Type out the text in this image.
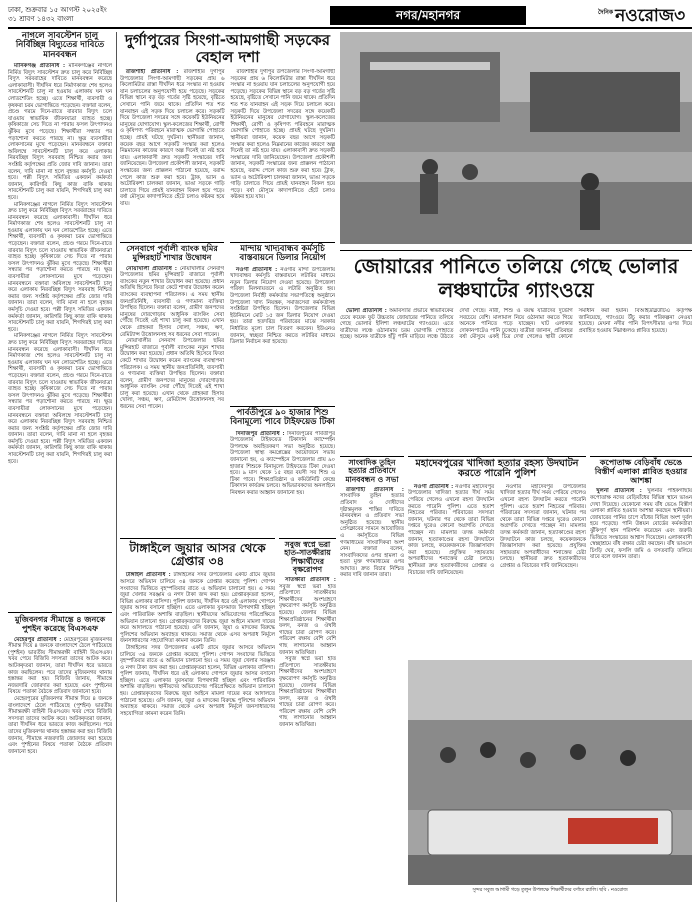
ঢাকা, শুক্রবার ১৫ আগস্ট ২০২৫ইং
৩১ শ্রাবণ ১৪৩২ বাংলা	নগর/মহানগর	$^{দৈনিক}$ নওরোজ৩
নাগলে সাবস্টেশন চালু নির্বিচ্ছিন্ন বিদ্যুতের দাবিতে মানববন্ধন

মানিকগঞ্জ প্রতিনিধি : মানিকগঞ্জের নাগলে নির্মিত বিদ্যুৎ সাবস্টেশন দ্রুত চালু করে নির্বিচ্ছিন্ন বিদ্যুৎ সরবরাহের দাবিতে মানববন্ধন করেছে এলাকাবাসী। দীর্ঘদিন ধরে নির্মাণকাজ শেষ হলেও সাবস্টেশনটি চালু না হওয়ায় এলাকায় ঘন ঘন লোডশেডিং হচ্ছে। এতে শিক্ষার্থী, ব্যবসায়ী ও কৃষকরা চরম ভোগান্তিতে পড়েছেন। বক্তারা বলেন, প্রচণ্ড গরমে দিনে-রাতে বারবার বিদ্যুৎ চলে যাওয়ায় স্বাভাবিক জীবনযাত্রা ব্যাহত হচ্ছে। কৃষিকাজে সেচ দিতে না পারায় ফসল উৎপাদনও ঝুঁকির মুখে পড়েছে। শিক্ষার্থীরা সন্ধ্যার পর পড়াশোনা করতে পারছে না। ক্ষুদ্র ব্যবসায়ীরা লোকসানের মুখে পড়েছেন। মানববন্ধনে বক্তারা অবিলম্বে সাবস্টেশনটি চালু করে এলাকায় নিরবচ্ছিন্ন বিদ্যুৎ সরবরাহ নিশ্চিত করার জন্য সংশ্লিষ্ট কর্তৃপক্ষের প্রতি জোর দাবি জানান। তারা বলেন, দাবি মানা না হলে বৃহত্তর কর্মসূচি দেওয়া হবে। পল্লী বিদ্যুৎ সমিতির একজন কর্মকর্তা জানান, কারিগরি কিছু কাজ বাকি থাকায় সাবস্টেশনটি চালু করা যায়নি, শিগগিরই চালু করা হবে।

মানিকগঞ্জের নাগলে নির্মিত বিদ্যুৎ সাবস্টেশন দ্রুত চালু করে নির্বিচ্ছিন্ন বিদ্যুৎ সরবরাহের দাবিতে মানববন্ধন করেছে এলাকাবাসী। দীর্ঘদিন ধরে নির্মাণকাজ শেষ হলেও সাবস্টেশনটি চালু না হওয়ায় এলাকায় ঘন ঘন লোডশেডিং হচ্ছে। এতে শিক্ষার্থী, ব্যবসায়ী ও কৃষকরা চরম ভোগান্তিতে পড়েছেন। বক্তারা বলেন, প্রচণ্ড গরমে দিনে-রাতে বারবার বিদ্যুৎ চলে যাওয়ায় স্বাভাবিক জীবনযাত্রা ব্যাহত হচ্ছে। কৃষিকাজে সেচ দিতে না পারায় ফসল উৎপাদনও ঝুঁকির মুখে পড়েছে। শিক্ষার্থীরা সন্ধ্যার পর পড়াশোনা করতে পারছে না। ক্ষুদ্র ব্যবসায়ীরা লোকসানের মুখে পড়েছেন। মানববন্ধনে বক্তারা অবিলম্বে সাবস্টেশনটি চালু করে এলাকায় নিরবচ্ছিন্ন বিদ্যুৎ সরবরাহ নিশ্চিত করার জন্য সংশ্লিষ্ট কর্তৃপক্ষের প্রতি জোর দাবি জানান। তারা বলেন, দাবি মানা না হলে বৃহত্তর কর্মসূচি দেওয়া হবে। পল্লী বিদ্যুৎ সমিতির একজন কর্মকর্তা জানান, কারিগরি কিছু কাজ বাকি থাকায় সাবস্টেশনটি চালু করা যায়নি, শিগগিরই চালু করা হবে।

মানিকগঞ্জের নাগলে নির্মিত বিদ্যুৎ সাবস্টেশন দ্রুত চালু করে নির্বিচ্ছিন্ন বিদ্যুৎ সরবরাহের দাবিতে মানববন্ধন করেছে এলাকাবাসী। দীর্ঘদিন ধরে নির্মাণকাজ শেষ হলেও সাবস্টেশনটি চালু না হওয়ায় এলাকায় ঘন ঘন লোডশেডিং হচ্ছে। এতে শিক্ষার্থী, ব্যবসায়ী ও কৃষকরা চরম ভোগান্তিতে পড়েছেন। বক্তারা বলেন, প্রচণ্ড গরমে দিনে-রাতে বারবার বিদ্যুৎ চলে যাওয়ায় স্বাভাবিক জীবনযাত্রা ব্যাহত হচ্ছে। কৃষিকাজে সেচ দিতে না পারায় ফসল উৎপাদনও ঝুঁকির মুখে পড়েছে। শিক্ষার্থীরা সন্ধ্যার পর পড়াশোনা করতে পারছে না। ক্ষুদ্র ব্যবসায়ীরা লোকসানের মুখে পড়েছেন। মানববন্ধনে বক্তারা অবিলম্বে সাবস্টেশনটি চালু করে এলাকায় নিরবচ্ছিন্ন বিদ্যুৎ সরবরাহ নিশ্চিত করার জন্য সংশ্লিষ্ট কর্তৃপক্ষের প্রতি জোর দাবি জানান। তারা বলেন, দাবি মানা না হলে বৃহত্তর কর্মসূচি দেওয়া হবে। পল্লী বিদ্যুৎ সমিতির একজন কর্মকর্তা জানান, কারিগরি কিছু কাজ বাকি থাকায় সাবস্টেশনটি চালু করা যায়নি, শিগগিরই চালু করা হবে।

মুজিবনগর সীমান্তে ৪ জনকে পুশইন করেছে বিএসএফ

মেহেরপুর প্রতিনিধি : মেহেরপুরের মুজিবনগর সীমান্ত দিয়ে ৪ জনকে বাংলাদেশে ঠেলে পাঠিয়েছে (পুশইন) ভারতীয় সীমান্তরক্ষী বাহিনী বিএসএফ। খবর পেয়ে বিজিবি সদস্যরা তাদের আটক করে। আটককৃতরা জানান, তারা দীর্ঘদিন ধরে ভারতে কাজ করছিলেন। পরে তাদের মুজিবনগর থানায় হস্তান্তর করা হয়। বিজিবি জানায়, সীমান্তে নজরদারি জোরদার করা হয়েছে এবং পুশইনের বিষয়ে পতাকা বৈঠকে প্রতিবাদ জানানো হবে।

মেহেরপুরের মুজিবনগর সীমান্ত দিয়ে ৪ জনকে বাংলাদেশে ঠেলে পাঠিয়েছে (পুশইন) ভারতীয় সীমান্তরক্ষী বাহিনী বিএসএফ। খবর পেয়ে বিজিবি সদস্যরা তাদের আটক করে। আটককৃতরা জানান, তারা দীর্ঘদিন ধরে ভারতে কাজ করছিলেন। পরে তাদের মুজিবনগর থানায় হস্তান্তর করা হয়। বিজিবি জানায়, সীমান্তে নজরদারি জোরদার করা হয়েছে এবং পুশইনের বিষয়ে পতাকা বৈঠকে প্রতিবাদ জানানো হবে।

দুর্গাপুরের সিংগা-আমগাছী সড়কের বেহাল দশা

রাজশাহী প্রতিনিধি : রাজশাহীর দুর্গাপুর উপজেলার সিংগা-আমগাছী সড়কের প্রায় ৬ কিলোমিটার রাস্তা দীর্ঘদিন ধরে সংস্কার না হওয়ায় যান চলাচলের অনুপযোগী হয়ে পড়েছে। সড়কের বিভিন্ন স্থানে বড় বড় গর্তের সৃষ্টি হয়েছে, বৃষ্টিতে সেখানে পানি জমে থাকে। প্রতিদিন শত শত যানবাহন এই সড়ক দিয়ে চলাচল করে। সড়কটি দিয়ে উপজেলা সদরের সঙ্গে কয়েকটি ইউনিয়নের মানুষের যোগাযোগ। স্কুল-কলেজের শিক্ষার্থী, রোগী ও কৃষিপণ্য পরিবহনে মারাত্মক ভোগান্তি পোহাতে হচ্ছে। প্রায়ই ঘটছে দুর্ঘটনা। স্থানীয়রা জানান, কয়েক বছর আগে সড়কটি সংস্কার করা হলেও নিম্নমানের কাজের কারণে অল্প দিনেই তা নষ্ট হয়ে যায়। এলাকাবাসী দ্রুত সড়কটি সংস্কারের দাবি জানিয়েছেন। উপজেলা প্রকৌশলী জানান, সড়কটি সংস্কারের জন্য প্রাক্কলন পাঠানো হয়েছে, বরাদ্দ পেলে কাজ শুরু করা হবে। ট্রাক, ভ্যান ও অটোরিকশা চালকরা জানান, ভাঙা সড়কে গাড়ি চালাতে গিয়ে প্রায়ই যানবাহন বিকল হয়ে পড়ে। বর্ষা মৌসুমে কাদাপানিতে হেঁটে চলাও কষ্টকর হয়ে যায়।

রাজশাহীর দুর্গাপুর উপজেলার সিংগা-আমগাছী সড়কের প্রায় ৬ কিলোমিটার রাস্তা দীর্ঘদিন ধরে সংস্কার না হওয়ায় যান চলাচলের অনুপযোগী হয়ে পড়েছে। সড়কের বিভিন্ন স্থানে বড় বড় গর্তের সৃষ্টি হয়েছে, বৃষ্টিতে সেখানে পানি জমে থাকে। প্রতিদিন শত শত যানবাহন এই সড়ক দিয়ে চলাচল করে। সড়কটি দিয়ে উপজেলা সদরের সঙ্গে কয়েকটি ইউনিয়নের মানুষের যোগাযোগ। স্কুল-কলেজের শিক্ষার্থী, রোগী ও কৃষিপণ্য পরিবহনে মারাত্মক ভোগান্তি পোহাতে হচ্ছে। প্রায়ই ঘটছে দুর্ঘটনা। স্থানীয়রা জানান, কয়েক বছর আগে সড়কটি সংস্কার করা হলেও নিম্নমানের কাজের কারণে অল্প দিনেই তা নষ্ট হয়ে যায়। এলাকাবাসী দ্রুত সড়কটি সংস্কারের দাবি জানিয়েছেন। উপজেলা প্রকৌশলী জানান, সড়কটি সংস্কারের জন্য প্রাক্কলন পাঠানো হয়েছে, বরাদ্দ পেলে কাজ শুরু করা হবে। ট্রাক, ভ্যান ও অটোরিকশা চালকরা জানান, ভাঙা সড়কে গাড়ি চালাতে গিয়ে প্রায়ই যানবাহন বিকল হয়ে পড়ে। বর্ষা মৌসুমে কাদাপানিতে হেঁটে চলাও কষ্টকর হয়ে যায়।

সেনবাগে পূর্বালী ব্যাংক ছমির মুন্সিরহাট শাখার উদ্বোধন

নোয়াখালী প্রতিনিধি : নোয়াখালীর সেনবাগ উপজেলার ছমির মুন্সিরহাট বাজারে পূর্বালী ব্যাংকের নতুন শাখার উদ্বোধন করা হয়েছে। প্রধান অতিথি হিসেবে ফিতা কেটে শাখার উদ্বোধন করেন ব্যাংকের ব্যবস্থাপনা পরিচালক। এ সময় স্থানীয় জনপ্রতিনিধি, ব্যবসায়ী ও গণ্যমান্য ব্যক্তিরা উপস্থিত ছিলেন। বক্তারা বলেন, গ্রামীণ জনপদের মানুষের দোরগোড়ায় আধুনিক ব্যাংকিং সেবা পৌঁছে দিতেই এই শাখা চালু করা হয়েছে। এখান থেকে গ্রাহকরা হিসাব খোলা, সঞ্চয়, ঋণ, রেমিট্যান্স উত্তোলনসহ সব ধরনের সেবা পাবেন।

নোয়াখালীর সেনবাগ উপজেলার ছমির মুন্সিরহাট বাজারে পূর্বালী ব্যাংকের নতুন শাখার উদ্বোধন করা হয়েছে। প্রধান অতিথি হিসেবে ফিতা কেটে শাখার উদ্বোধন করেন ব্যাংকের ব্যবস্থাপনা পরিচালক। এ সময় স্থানীয় জনপ্রতিনিধি, ব্যবসায়ী ও গণ্যমান্য ব্যক্তিরা উপস্থিত ছিলেন। বক্তারা বলেন, গ্রামীণ জনপদের মানুষের দোরগোড়ায় আধুনিক ব্যাংকিং সেবা পৌঁছে দিতেই এই শাখা চালু করা হয়েছে। এখান থেকে গ্রাহকরা হিসাব খোলা, সঞ্চয়, ঋণ, রেমিট্যান্স উত্তোলনসহ সব ধরনের সেবা পাবেন।

মান্দায় খাদ্যবান্ধব কর্মসূচি বাস্তবায়নে ডিলার নিয়োগ

নওগাঁ প্রতিনিধি : নওগাঁর মান্দা উপজেলায় খাদ্যবান্ধব কর্মসূচি বাস্তবায়নে লটারির মাধ্যমে নতুন ডিলার নিয়োগ দেওয়া হয়েছে। উপজেলা পরিষদ মিলনায়তনে এ লটারি অনুষ্ঠিত হয়। উপজেলা নির্বাহী কর্মকর্তার সভাপতিত্বে অনুষ্ঠানে উপজেলা খাদ্য নিয়ন্ত্রক, সমাজসেবা কর্মকর্তাসহ সংশ্লিষ্টরা উপস্থিত ছিলেন। উপজেলার বিভিন্ন ইউনিয়নে মোট ১৫ জন ডিলার নিয়োগ দেওয়া হয়। তারা হতদরিদ্র পরিবারের মাঝে সরকার নির্ধারিত মূল্যে চাল বিতরণ করবেন। ইউএনও জানান, স্বচ্ছতা নিশ্চিত করতে লটারির মাধ্যমে ডিলার নির্বাচন করা হয়েছে।

পার্বতীপুরে ৯০ হাজার শিশু বিনামূল্যে পাবে টাইফয়েড টিকা

দিনাজপুর প্রতিনিধি : দিনাজপুরের পার্বতীপুর উপজেলায় টাইফয়েড টিকাদান ক্যাম্পেইন উপলক্ষে অবহিতকরণ সভা অনুষ্ঠিত হয়েছে। উপজেলা স্বাস্থ্য কমপ্লেক্সের আয়োজনে সভায় জানানো হয়, এ ক্যাম্পেইনে উপজেলার প্রায় ৯০ হাজার শিশুকে বিনামূল্যে টাইফয়েড টিকা দেওয়া হবে। ৯ মাস থেকে ১৫ বছর বয়সী সব শিশু এ টিকা পাবে। শিক্ষাপ্রতিষ্ঠান ও কমিউনিটি কেন্দ্রে টিকাদান কার্যক্রম চলবে। অভিভাবকদের অনলাইনে নিবন্ধন করার আহ্বান জানানো হয়।

জোয়ারের পানিতে তলিয়ে গেছে ভোলার লঞ্চঘাটের গ্যাংওয়ে

ভোলা প্রতিনিধি : অমাবস্যার প্রভাবে স্বাভাবিকের চেয়ে কয়েক ফুট উচ্চতায় জোয়ারের পানিতে তলিয়ে গেছে ভোলার ইলিশা লঞ্চঘাটের গ্যাংওয়ে। এতে যাত্রীদের লঞ্চে ওঠানামায় চরম ভোগান্তি পোহাতে হচ্ছে। অনেক যাত্রীকে হাঁটু পানি মাড়িয়ে লঞ্চে উঠতে দেখা গেছে। নারী, শিশু ও বয়স্ক যাত্রীদের দুর্ভোগ সবচেয়ে বেশি। মালামাল নিয়ে ওঠানামা করতে গিয়ে অনেকে পানিতে পড়ে যাচ্ছেন। ঘাট এলাকার দোকানপাটেও পানি ঢুকেছে। যাত্রীরা জানান, প্রতিবছর বর্ষা মৌসুমে একই চিত্র দেখা গেলেও স্থায়ী কোনো সমাধান করা হয়নি। বিআইডব্লিউটিএ কর্তৃপক্ষ জানিয়েছে, গ্যাংওয়ে উঁচু করার পরিকল্পনা নেওয়া হয়েছে। মেঘনা নদীর পানি বিপৎসীমার ওপর দিয়ে প্রবাহিত হওয়ায় নিম্নাঞ্চলও প্লাবিত হয়েছে।

সাংবাদিক তুহিন হত্যার প্রতিবাদে মানববন্ধন ও সভা

রাজশাহী প্রতিনিধি : সাংবাদিক তুহিন হত্যার প্রতিবাদ ও দোষীদের দৃষ্টান্তমূলক শাস্তির দাবিতে মানববন্ধন ও প্রতিবাদ সভা অনুষ্ঠিত হয়েছে। স্থানীয় প্রেসক্লাবের সামনে আয়োজিত এ কর্মসূচিতে বিভিন্ন গণমাধ্যমের সাংবাদিকরা অংশ নেন। বক্তারা বলেন, সাংবাদিকদের ওপর হামলা ও হত্যা মুক্ত গণমাধ্যমের ওপর আঘাত। দ্রুত বিচার নিশ্চিত করার দাবি জানান তারা।

মহাদেবপুরের খাদিজা হত্যার রহস্য উদঘাটন করতে পারেনি পুলিশ

নওগাঁ প্রতিনিধি : নওগাঁর মহাদেবপুর উপজেলার খাদিজা হত্যার দীর্ঘ সময় পেরিয়ে গেলেও এখনো রহস্য উদঘাটন করতে পারেনি পুলিশ। এতে হতাশ নিহতের পরিবার। পরিবারের সদস্যরা জানান, ঘটনার পর থেকে তারা বিভিন্ন দপ্তরে ঘুরেও কোনো অগ্রগতি দেখতে পাচ্ছেন না। মামলার তদন্ত কর্মকর্তা জানান, হত্যাকাণ্ডের রহস্য উদঘাটনে কাজ চলছে, কয়েকজনকে জিজ্ঞাসাবাদ করা হয়েছে। প্রযুক্তির সহায়তায় অপরাধীদের শনাক্তের চেষ্টা চলছে। স্থানীয়রা দ্রুত হত্যাকারীদের গ্রেপ্তার ও বিচারের দাবি জানিয়েছেন।

নওগাঁর মহাদেবপুর উপজেলার খাদিজা হত্যার দীর্ঘ সময় পেরিয়ে গেলেও এখনো রহস্য উদঘাটন করতে পারেনি পুলিশ। এতে হতাশ নিহতের পরিবার। পরিবারের সদস্যরা জানান, ঘটনার পর থেকে তারা বিভিন্ন দপ্তরে ঘুরেও কোনো অগ্রগতি দেখতে পাচ্ছেন না। মামলার তদন্ত কর্মকর্তা জানান, হত্যাকাণ্ডের রহস্য উদঘাটনে কাজ চলছে, কয়েকজনকে জিজ্ঞাসাবাদ করা হয়েছে। প্রযুক্তির সহায়তায় অপরাধীদের শনাক্তের চেষ্টা চলছে। স্থানীয়রা দ্রুত হত্যাকারীদের গ্রেপ্তার ও বিচারের দাবি জানিয়েছেন।

কপোতাক্ষ বেড়িবাঁধ ভেঙে বিস্তীর্ণ এলাকা প্লাবিত হওয়ার আশঙ্কা

খুলনা প্রতিনিধি : খুলনার পাইকগাছায় কপোতাক্ষ নদের বেড়িবাঁধের বিভিন্ন স্থানে ভাঙন দেখা দিয়েছে। যেকোনো সময় বাঁধ ভেঙে বিস্তীর্ণ এলাকা প্লাবিত হওয়ার আশঙ্কা করছেন স্থানীয়রা। জোয়ারের পানির চাপে বাঁধের বিভিন্ন অংশ দুর্বল হয়ে পড়েছে। পানি উন্নয়ন বোর্ডের কর্মকর্তারা ঝুঁকিপূর্ণ স্থান পরিদর্শন করেছেন এবং জরুরি ভিত্তিতে সংস্কারের আশ্বাস দিয়েছেন। এলাকাবাসী স্বেচ্ছাশ্রমে বাঁধ রক্ষার চেষ্টা করছেন। বাঁধ ভাঙলে চিংড়ি ঘের, ফসলি জমি ও বসতবাড়ি তলিয়ে যাবে বলে জানান তারা।

টাঙ্গাইলে জুয়ার আসর থেকে গ্রেপ্তার ৩৪

টাঙ্গাইল প্রতিনিধি : টাঙ্গাইলের সদর উপজেলার একটি গ্রামে জুয়ার আসরে অভিযান চালিয়ে ৩৪ জনকে গ্রেপ্তার করেছে পুলিশ। গোপন সংবাদের ভিত্তিতে বৃহস্পতিবার রাতে এ অভিযান চালানো হয়। এ সময় জুয়া খেলার সরঞ্জাম ও নগদ টাকা জব্দ করা হয়। গ্রেপ্তারকৃতরা হলেন, বিভিন্ন এলাকার বাসিন্দা। পুলিশ জানায়, দীর্ঘদিন ধরে ওই এলাকায় গোপনে জুয়ার আসর বসানো হচ্ছিল। এতে এলাকার যুবসমাজ বিপথগামী হচ্ছিল এবং পারিবারিক অশান্তি বাড়ছিল। স্থানীয়দের অভিযোগের পরিপ্রেক্ষিতে অভিযান চালানো হয়। গ্রেপ্তারকৃতদের বিরুদ্ধে জুয়া আইনে মামলা দায়ের করে আদালতে পাঠানো হয়েছে। ওসি জানান, জুয়া ও মাদকের বিরুদ্ধে পুলিশের অভিযান অব্যাহত থাকবে। সমাজ থেকে এসব অপরাধ নির্মূলে জনসাধারণের সহযোগিতা কামনা করেন তিনি।

টাঙ্গাইলের সদর উপজেলার একটি গ্রামে জুয়ার আসরে অভিযান চালিয়ে ৩৪ জনকে গ্রেপ্তার করেছে পুলিশ। গোপন সংবাদের ভিত্তিতে বৃহস্পতিবার রাতে এ অভিযান চালানো হয়। এ সময় জুয়া খেলার সরঞ্জাম ও নগদ টাকা জব্দ করা হয়। গ্রেপ্তারকৃতরা হলেন, বিভিন্ন এলাকার বাসিন্দা। পুলিশ জানায়, দীর্ঘদিন ধরে ওই এলাকায় গোপনে জুয়ার আসর বসানো হচ্ছিল। এতে এলাকার যুবসমাজ বিপথগামী হচ্ছিল এবং পারিবারিক অশান্তি বাড়ছিল। স্থানীয়দের অভিযোগের পরিপ্রেক্ষিতে অভিযান চালানো হয়। গ্রেপ্তারকৃতদের বিরুদ্ধে জুয়া আইনে মামলা দায়ের করে আদালতে পাঠানো হয়েছে। ওসি জানান, জুয়া ও মাদকের বিরুদ্ধে পুলিশের অভিযান অব্যাহত থাকবে। সমাজ থেকে এসব অপরাধ নির্মূলে জনসাধারণের সহযোগিতা কামনা করেন তিনি।

সবুজ স্বপ্নে ভরা হাত-সাতক্ষীরায় শিক্ষার্থীদের বৃক্ষরোপণ

সাতক্ষীরা প্রতিনিধি : সবুজ স্বপ্নে ভরা হাত প্রতিপাদ্যে সাতক্ষীরায় শিক্ষার্থীদের অংশগ্রহণে বৃক্ষরোপণ কর্মসূচি অনুষ্ঠিত হয়েছে। জেলার বিভিন্ন শিক্ষাপ্রতিষ্ঠানের শিক্ষার্থীরা ফলদ, বনজ ও ঔষধি গাছের চারা রোপণ করে। পরিবেশ রক্ষায় বেশি বেশি গাছ লাগানোর আহ্বান জানান অতিথিরা।

সবুজ স্বপ্নে ভরা হাত প্রতিপাদ্যে সাতক্ষীরায় শিক্ষার্থীদের অংশগ্রহণে বৃক্ষরোপণ কর্মসূচি অনুষ্ঠিত হয়েছে। জেলার বিভিন্ন শিক্ষাপ্রতিষ্ঠানের শিক্ষার্থীরা ফলদ, বনজ ও ঔষধি গাছের চারা রোপণ করে। পরিবেশ রক্ষায় বেশি বেশি গাছ লাগানোর আহ্বান জানান অতিথিরা।

সুন্দর সবুজ আগামী গড়ে তুলুন উপলক্ষে শিক্ষার্থীদের বর্ণাঢ্য র‍্যালি। ছবি : নওরোজ
